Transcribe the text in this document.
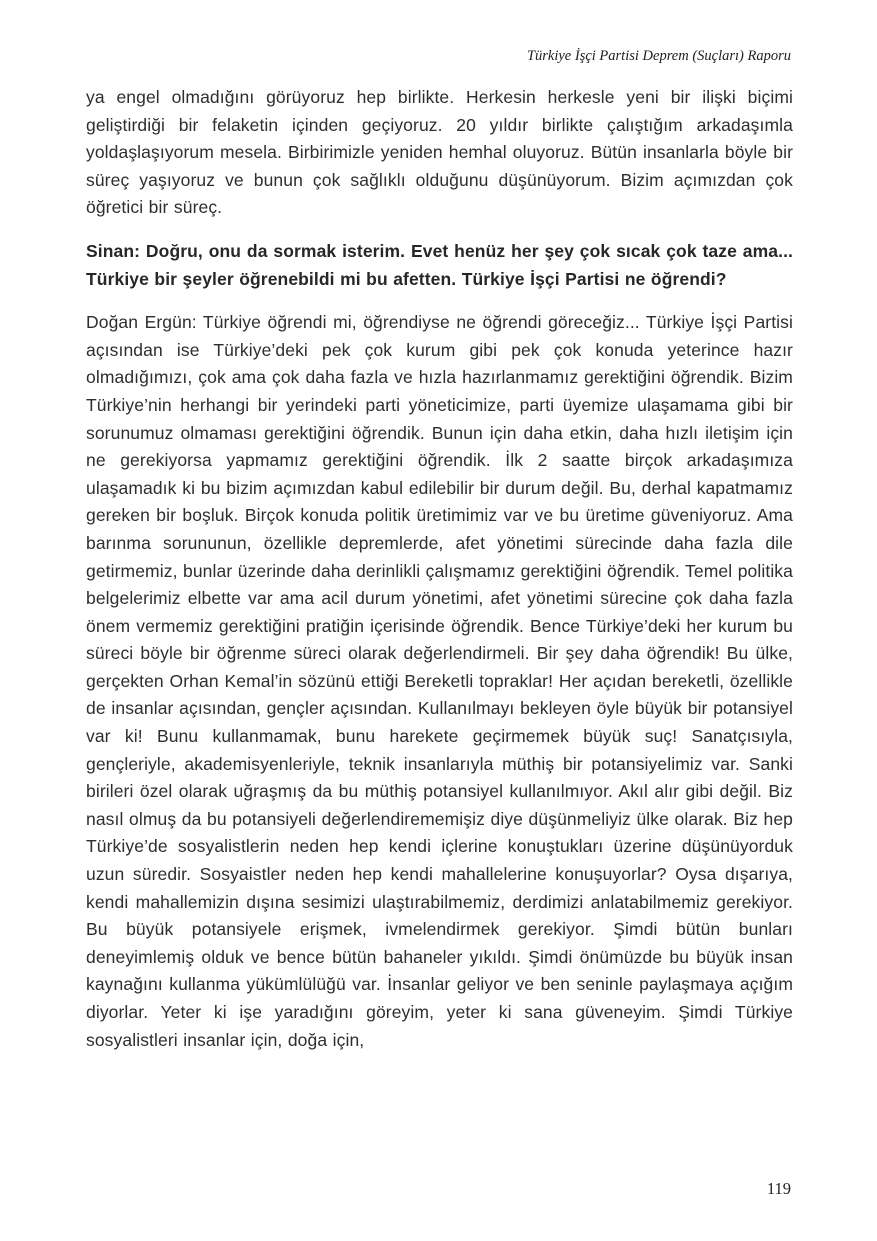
Türkiye İşçi Partisi Deprem (Suçları) Raporu

ya engel olmadığını görüyoruz hep birlikte. Herkesin herkesle yeni bir ilişki biçimi geliştirdiği bir felaketin içinden geçiyoruz. 20 yıldır birlikte çalıştığım arkadaşımla yoldaşlaşıyorum mesela. Birbirimizle yeniden hemhal oluyoruz. Bütün insanlarla böyle bir süreç yaşıyoruz ve bunun çok sağlıklı olduğunu düşünüyorum. Bizim açımızdan çok öğretici bir süreç.

Sinan: Doğru, onu da sormak isterim. Evet henüz her şey çok sıcak çok taze ama... Türkiye bir şeyler öğrenebildi mi bu afetten. Türkiye İşçi Partisi ne öğrendi?

Doğan Ergün: Türkiye öğrendi mi, öğrendiyse ne öğrendi göreceğiz... Türkiye İşçi Partisi açısından ise Türkiye’deki pek çok kurum gibi pek çok konuda yeterince hazır olmadığımızı, çok ama çok daha fazla ve hızla hazırlanmamız gerektiğini öğrendik. Bizim Türkiye’nin herhangi bir yerindeki parti yöneticimize, parti üyemize ulaşamama gibi bir sorunumuz olmaması gerektiğini öğrendik. Bunun için daha etkin, daha hızlı iletişim için ne gerekiyorsa yapmamız gerektiğini öğrendik. İlk 2 saatte birçok arkadaşımıza ulaşamadık ki bu bizim açımızdan kabul edilebilir bir durum değil. Bu, derhal kapatmamız gereken bir boşluk. Birçok konuda politik üretimimiz var ve bu üretime güveniyoruz. Ama barınma sorununun, özellikle depremlerde, afet yönetimi sürecinde daha fazla dile getirmemiz, bunlar üzerinde daha derinlikli çalışmamız gerektiğini öğrendik. Temel politika belgelerimiz elbette var ama acil durum yönetimi, afet yönetimi sürecine çok daha fazla önem vermemiz gerektiğini pratiğin içerisinde öğrendik. Bence Türkiye’deki her kurum bu süreci böyle bir öğrenme süreci olarak değerlendirmeli. Bir şey daha öğrendik! Bu ülke, gerçekten Orhan Kemal’in sözünü ettiği Bereketli topraklar! Her açıdan bereketli, özellikle de insanlar açısından, gençler açısından. Kullanılmayı bekleyen öyle büyük bir potansiyel var ki! Bunu kullanmamak, bunu harekete geçirmemek büyük suç! Sanatçısıyla, gençleriyle, akademisyenleriyle, teknik insanlarıyla müthiş bir potansiyelimiz var. Sanki birileri özel olarak uğraşmış da bu müthiş potansiyel kullanılmıyor. Akıl alır gibi değil. Biz nasıl olmuş da bu potansiyeli değerlendirememişiz diye düşünmeliyiz ülke olarak. Biz hep Türkiye’de sosyalistlerin neden hep kendi içlerine konuştukları üzerine düşünüyorduk uzun süredir. Sosyaistler neden hep kendi mahallelerine konuşuyorlar? Oysa dışarıya, kendi mahallemizin dışına sesimizi ulaştırabilmemiz, derdimizi anlatabilmemiz gerekiyor. Bu büyük potansiyele erişmek, ivmelendirmek gerekiyor. Şimdi bütün bunları deneyimlemiş olduk ve bence bütün bahaneler yıkıldı. Şimdi önümüzde bu büyük insan kaynağını kullanma yükümlülüğü var. İnsanlar geliyor ve ben seninle paylaşmaya açığım diyorlar. Yeter ki işe yaradığını göreyim, yeter ki sana güveneyim. Şimdi Türkiye sosyalistleri insanlar için, doğa için,

119
